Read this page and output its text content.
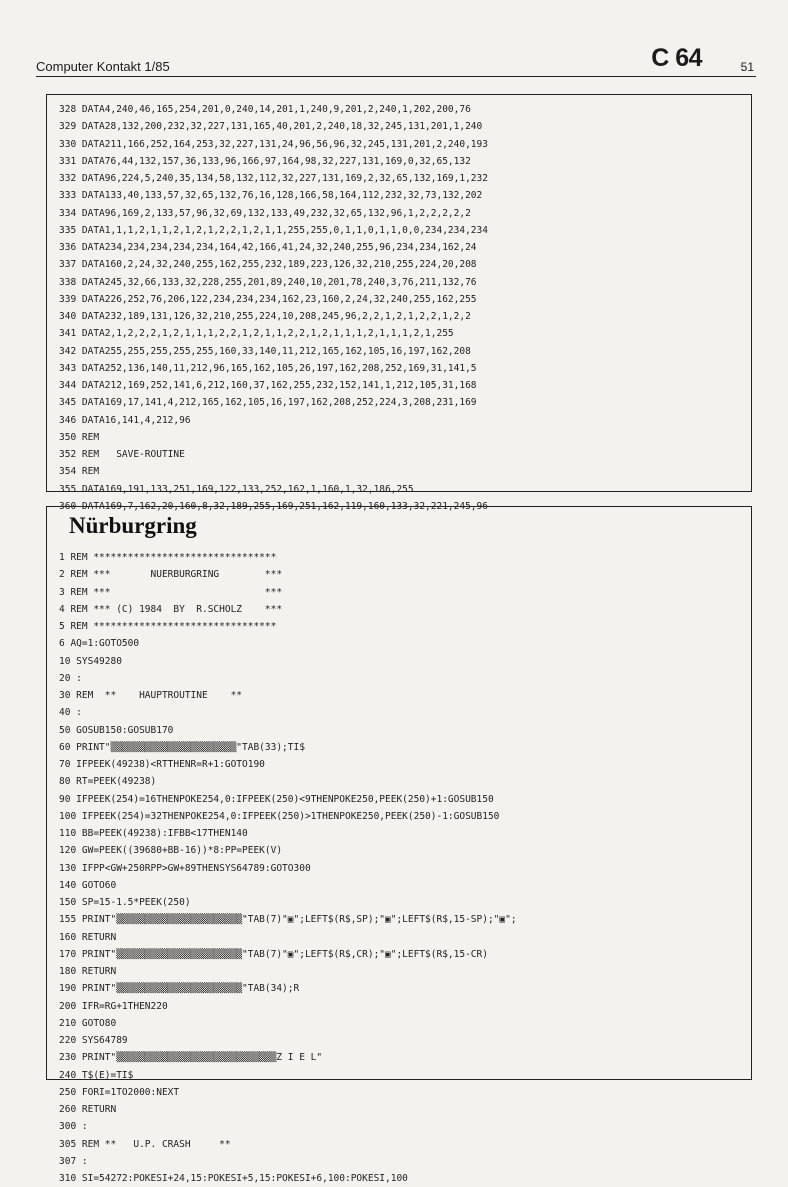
Computer Kontakt 1/85	C 64	51
328 DATA4,240,46,165,254,201,0,240,14,201,1,240,9,201,2,240,1,202,200,76
329 DATA28,132,200,232,32,227,131,165,40,201,2,240,18,32,245,131,201,1,240
330 DATA211,166,252,164,253,32,227,131,24,96,56,96,32,245,131,201,2,240,193
331 DATA76,44,132,157,36,133,96,166,97,164,98,32,227,131,169,0,32,65,132
332 DATA96,224,5,240,35,134,58,132,112,32,227,131,169,2,32,65,132,169,1,232
333 DATA133,40,133,57,32,65,132,76,16,128,166,58,164,112,232,32,73,132,202
334 DATA96,169,2,133,57,96,32,69,132,133,49,232,32,65,132,96,1,2,2,2,2,2
335 DATA1,1,1,2,1,1,2,1,2,1,2,2,1,2,1,1,255,255,0,1,1,0,1,1,0,0,234,234,234
336 DATA234,234,234,234,234,164,42,166,41,24,32,240,255,96,234,234,162,24
337 DATA160,2,24,32,240,255,162,255,232,189,223,126,32,210,255,224,20,208
338 DATA245,32,66,133,32,228,255,201,89,240,10,201,78,240,3,76,211,132,76
339 DATA226,252,76,206,122,234,234,234,162,23,160,2,24,32,240,255,162,255
340 DATA232,189,131,126,32,210,255,224,10,208,245,96,2,2,1,2,1,2,2,1,2,2
341 DATA2,1,2,2,2,1,2,1,1,1,2,2,1,2,1,1,2,2,1,2,1,1,1,2,1,1,1,2,1,255
342 DATA255,255,255,255,255,160,33,140,11,212,165,162,105,16,197,162,208
343 DATA252,136,140,11,212,96,165,162,105,26,197,162,208,252,169,31,141,5
344 DATA212,169,252,141,6,212,160,37,162,255,232,152,141,1,212,105,31,168
345 DATA169,17,141,4,212,165,162,105,16,197,162,208,252,224,3,208,231,169
346 DATA16,141,4,212,96
350 REM
352 REM   SAVE-ROUTINE
354 REM
355 DATA169,191,133,251,169,122,133,252,162,1,160,1,32,186,255
360 DATA169,7,162,20,160,8,32,189,255,169,251,162,119,160,133,32,221,245,96
Nürburgring
1 REM ********************************
2 REM ***       NUERBURGRING        ***
3 REM ***                           ***
4 REM *** (C) 1984  BY  R.SCHOLZ    ***
5 REM ********************************
6 AQ=1:GOTO500
10 SYS49280
20 :
30 REM  **    HAUPTROUTINE    **
40 :
50 GOSUB150:GOSUB170
60 PRINT"▒▒▒▒▒▒▒▒▒▒▒▒▒▒▒▒▒▒▒▒▒▒"TAB(33);TI$
70 IFPEEK(49238)<RTTHENR=R+1:GOTO190
80 RT=PEEK(49238)
90 IFPEEK(254)=16THENPOKE254,0:IFPEEK(250)<9THENPOKE250,PEEK(250)+1:GOSUB150
100 IFPEEK(254)=32THENPOKE254,0:IFPEEK(250)>1THENPOKE250,PEEK(250)-1:GOSUB150
110 BB=PEEK(49238):IFBB<17THEN140
120 GW=PEEK((39680+BB-16))*8:PP=PEEK(V)
130 IFPP<GW+250RPP>GW+89THENSYS64789:GOTO300
140 GOTO60
150 SP=15-1.5*PEEK(250)
155 PRINT"▒▒▒▒▒▒▒▒▒▒▒▒▒▒▒▒▒▒▒▒▒▒"TAB(7)"▣";LEFT$(R$,SP);"▣";LEFT$(R$,15-SP);"▣";
160 RETURN
170 PRINT"▒▒▒▒▒▒▒▒▒▒▒▒▒▒▒▒▒▒▒▒▒▒"TAB(7)"▣";LEFT$(R$,CR);"▣";LEFT$(R$,15-CR)
180 RETURN
190 PRINT"▒▒▒▒▒▒▒▒▒▒▒▒▒▒▒▒▒▒▒▒▒▒"TAB(34);R
200 IFR=RG+1THEN220
210 GOTO80
220 SYS64789
230 PRINT"▒▒▒▒▒▒▒▒▒▒▒▒▒▒▒▒▒▒▒▒▒▒▒▒▒▒▒▒Z I E L"
240 T$(E)=TI$
250 FORI=1TO2000:NEXT
260 RETURN
300 :
305 REM **   U.P. CRASH     **
307 :
310 SI=54272:POKESI+24,15:POKESI+5,15:POKESI+6,100:POKESI,100
